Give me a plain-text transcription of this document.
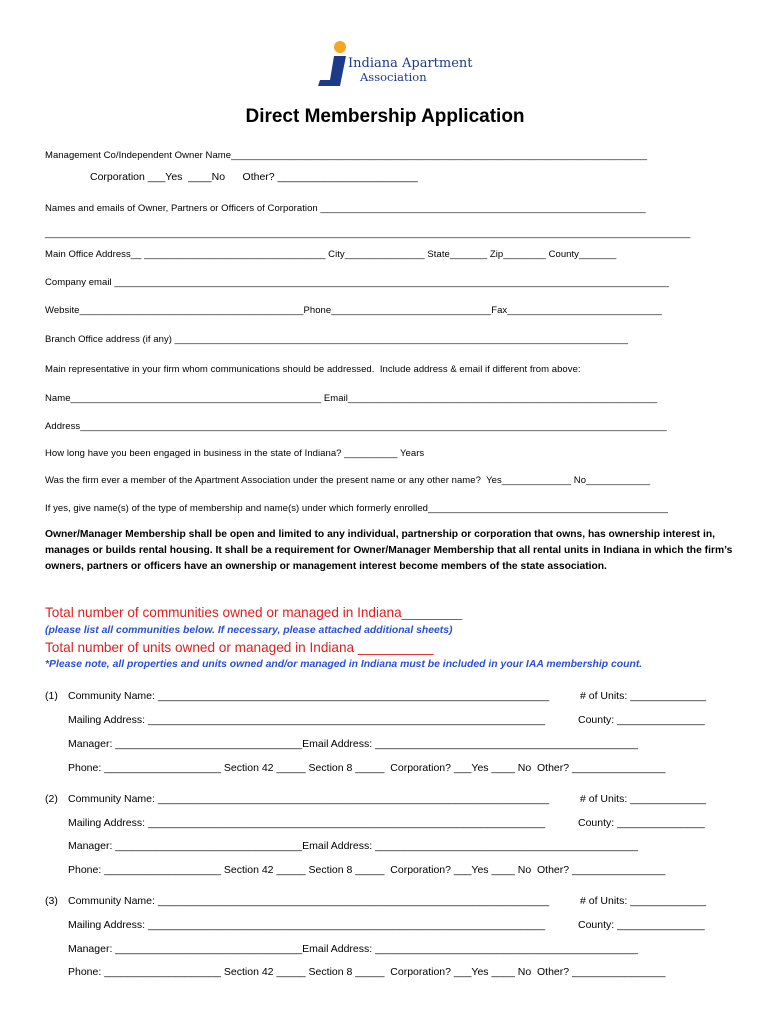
Indiana Apartment
Association
Direct Membership Application
Management Co/Independent Owner Name______________________________________________________________________________
Corporation ___Yes  ____No      Other? ________________________
Names and emails of Owner, Partners or Officers of Corporation _____________________________________________________________
_________________________________________________________________________________________________________________________
Main Office Address__ __________________________________ City_______________ State_______ Zip________ County_______
Company email ________________________________________________________________________________________________________
Website__________________________________________Phone______________________________Fax_____________________________
Branch Office address (if any) _____________________________________________________________________________________
Main representative in your firm whom communications should be addressed.  Include address & email if different from above:
Name_______________________________________________ Email__________________________________________________________
Address______________________________________________________________________________________________________________
How long have you been engaged in business in the state of Indiana? __________ Years
Was the firm ever a member of the Apartment Association under the present name or any other name?  Yes_____________ No____________
If yes, give name(s) of the type of membership and name(s) under which formerly enrolled_____________________________________________
Owner/Manager Membership shall be open and limited to any individual, partnership or corporation that owns, has ownership interest in, manages or builds rental housing. It shall be a requirement for Owner/Manager Membership that all rental units in Indiana in which the firm’s owners, partners or officers have an ownership or management interest become members of the state association.
Total number of communities owned or managed in Indiana________
(please list all communities below. If necessary, please attached additional sheets)
Total number of units owned or managed in Indiana __________
*Please note, all properties and units owned and/or managed in Indiana must be included in your IAA membership count.
(1) Community Name: ___________________________________________________________________	# of Units: _____________
Mailing Address: ____________________________________________________________________	County: _______________
Manager: ________________________________Email Address: _____________________________________________
Phone: ____________________ Section 42 _____ Section 8 _____  Corporation? ___Yes ____ No  Other? ________________
(2) Community Name: ___________________________________________________________________	# of Units: _____________
Mailing Address: ____________________________________________________________________	County: _______________
Manager: ________________________________Email Address: _____________________________________________
Phone: ____________________ Section 42 _____ Section 8 _____  Corporation? ___Yes ____ No  Other? ________________
(3) Community Name: ___________________________________________________________________	# of Units: _____________
Mailing Address: ____________________________________________________________________	County: _______________
Manager: ________________________________Email Address: _____________________________________________
Phone: ____________________ Section 42 _____ Section 8 _____  Corporation? ___Yes ____ No  Other? ________________
